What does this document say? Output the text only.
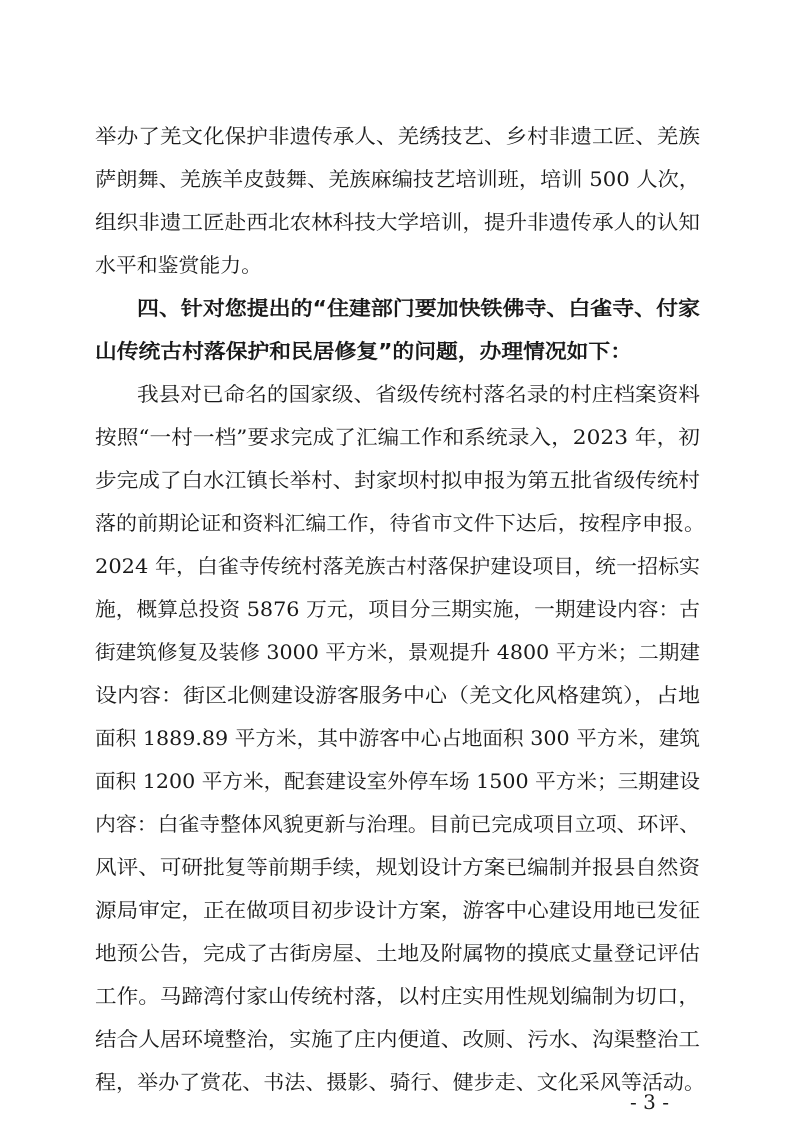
举办了羌文化保护非遗传承人、羌绣技艺、乡村非遗工匠、羌族
萨朗舞、羌族羊皮鼓舞、羌族麻编技艺培训班，培训 500 人次，
组织非遗工匠赴西北农林科技大学培训，提升非遗传承人的认知
水平和鉴赏能力。
四、针对您提出的“住建部门要加快铁佛寺、白雀寺、付家
山传统古村落保护和民居修复”的问题，办理情况如下：
我县对已命名的国家级、省级传统村落名录的村庄档案资料
按照“一村一档”要求完成了汇编工作和系统录入，2023 年，初
步完成了白水江镇长举村、封家坝村拟申报为第五批省级传统村
落的前期论证和资料汇编工作，待省市文件下达后，按程序申报。
2024 年，白雀寺传统村落羌族古村落保护建设项目，统一招标实
施，概算总投资 5876 万元，项目分三期实施，一期建设内容：古
街建筑修复及装修 3000 平方米，景观提升 4800 平方米；二期建
设内容：街区北侧建设游客服务中心（羌文化风格建筑），占地
面积 1889.89 平方米，其中游客中心占地面积 300 平方米，建筑
面积 1200 平方米，配套建设室外停车场 1500 平方米；三期建设
内容：白雀寺整体风貌更新与治理。目前已完成项目立项、环评、
风评、可研批复等前期手续，规划设计方案已编制并报县自然资
源局审定，正在做项目初步设计方案，游客中心建设用地已发征
地预公告，完成了古街房屋、土地及附属物的摸底丈量登记评估
工作。马蹄湾付家山传统村落，以村庄实用性规划编制为切口，
结合人居环境整治，实施了庄内便道、改厕、污水、沟渠整治工
程，举办了赏花、书法、摄影、骑行、健步走、文化采风等活动。
- 3 -
